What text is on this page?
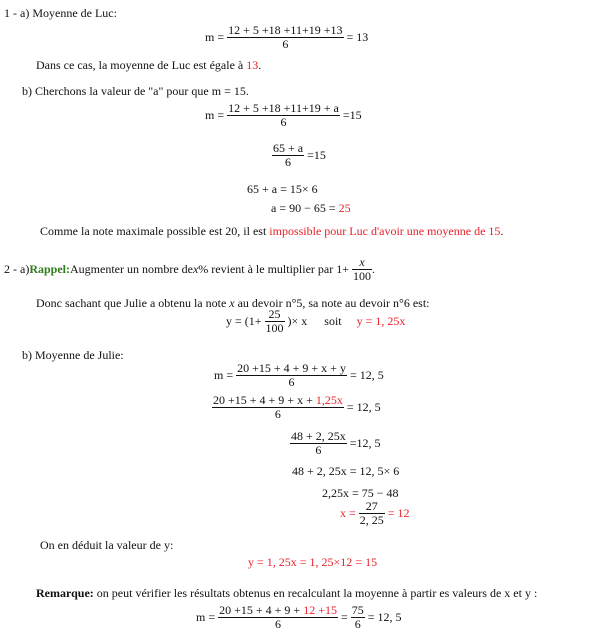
1 - a) Moyenne de Luc:
$m = \frac{12 + 5 +18 +11+19 +13}{6} = 13$
Dans ce cas, la moyenne de Luc est égale à 13.
b) Cherchons la valeur de "a" pour que m = 15.
$m = \frac{12 + 5 +18 +11+19 + a}{6} =15$
$\frac{65 + a}{6} =15$
65 + a = 15× 6
a = 90 − 65 = 25
Comme la note maximale possible est 20, il est impossible pour Luc d'avoir une moyenne de 15.
2 - a)Rappel:Augmenter un nombre dex% revient à le multiplier par $1+ \frac{x}{100}$ .
Donc sachant que Julie a obtenu la note x au devoir n°5, sa note au devoir n°6 est:
$y = (1+ \frac{25}{100}$ )× x soit y = 1, 25x
b) Moyenne de Julie:
$m = \frac{20 +15 + 4 + 9 + x + y}{6} = 12$, 5
$\frac{20 +15 + 4 + 9 + x + 1,25x}{6} = 12$, 5
$\frac{48 + 2, 25x}{6} =12$, 5
48 + 2, 25x = 12, 5× 6
2,25x = 75 − 48
$x = \frac{27}{2, 25} = 12$
On en déduit la valeur de y:
y = 1, 25x = 1, 25×12 = 15
Remarque: on peut vérifier les résultats obtenus en recalculant la moyenne à partir es valeurs de x et y :
$m = \frac{20 +15 + 4 + 9 + 12 +15}{6} = \frac{75}{6} = 12$, 5
